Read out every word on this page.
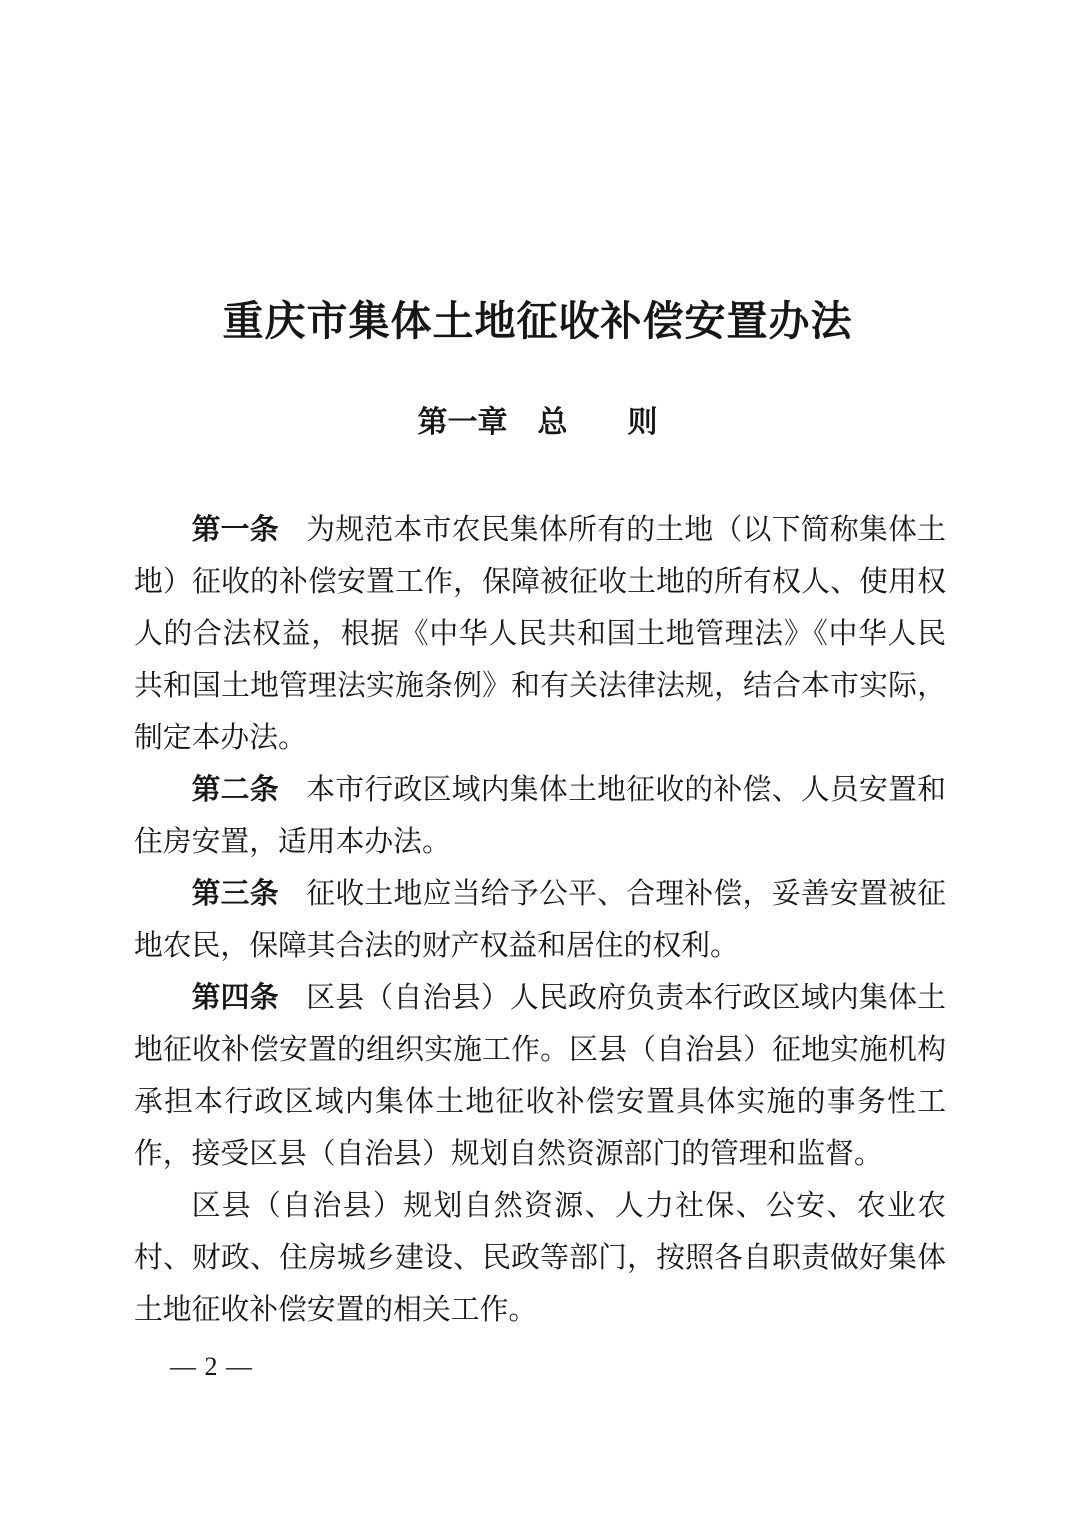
重庆市集体土地征收补偿安置办法
第一章　总　　则

第一条 为规范本市农民集体所有的土地（以下简称集体土地）征收的补偿安置工作，保障被征收土地的所有权人、使用权人的合法权益，根据《中华人民共和国土地管理法》《中华人民共和国土地管理法实施条例》和有关法律法规，结合本市实际，制定本办法。

第二条 本市行政区域内集体土地征收的补偿、人员安置和住房安置，适用本办法。

第三条 征收土地应当给予公平、合理补偿，妥善安置被征地农民，保障其合法的财产权益和居住的权利。

第四条 区县（自治县）人民政府负责本行政区域内集体土地征收补偿安置的组织实施工作。区县（自治县）征地实施机构承担本行政区域内集体土地征收补偿安置具体实施的事务性工作，接受区县（自治县）规划自然资源部门的管理和监督。

区县（自治县）规划自然资源、人力社保、公安、农业农村、财政、住房城乡建设、民政等部门，按照各自职责做好集体土地征收补偿安置的相关工作。

— 2 —
